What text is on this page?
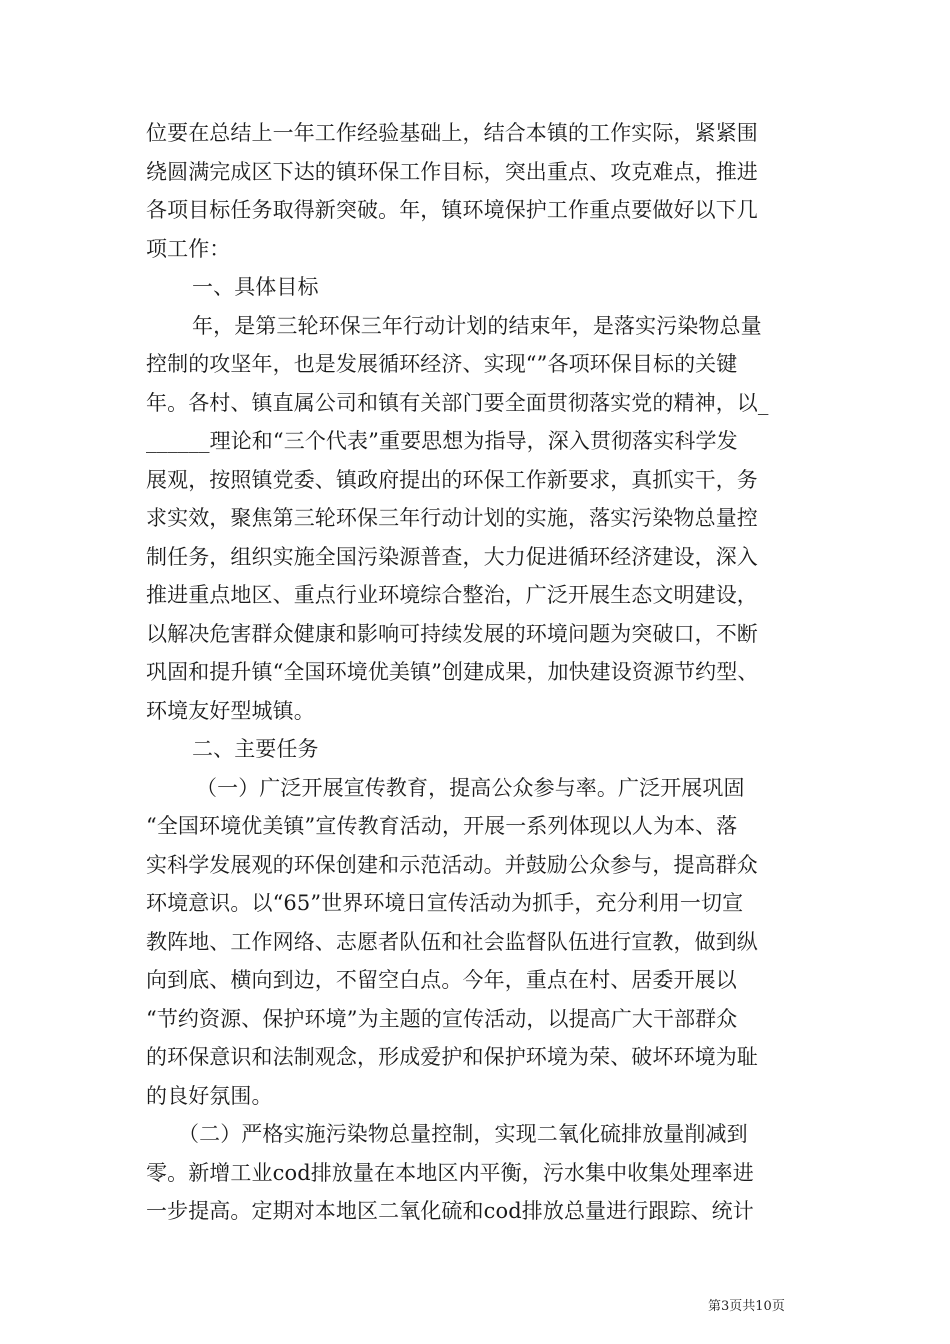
位要在总结上一年工作经验基础上，结合本镇的工作实际，紧紧围
绕圆满完成区下达的镇环保工作目标，突出重点、攻克难点，推进
各项目标任务取得新突破。年，镇环境保护工作重点要做好以下几
项工作：
一、具体目标
年，是第三轮环保三年行动计划的结束年，是落实污染物总量
控制的攻坚年，也是发展循环经济、实现“”各项环保目标的关键
年。各村、镇直属公司和镇有关部门要全面贯彻落实党的精神，以_
______理论和“三个代表”重要思想为指导，深入贯彻落实科学发
展观，按照镇党委、镇政府提出的环保工作新要求，真抓实干，务
求实效，聚焦第三轮环保三年行动计划的实施，落实污染物总量控
制任务，组织实施全国污染源普查，大力促进循环经济建设，深入
推进重点地区、重点行业环境综合整治，广泛开展生态文明建设，
以解决危害群众健康和影响可持续发展的环境问题为突破口，不断
巩固和提升镇“全国环境优美镇”创建成果，加快建设资源节约型、
环境友好型城镇。
二、主要任务
（一）广泛开展宣传教育，提高公众参与率。广泛开展巩固
“全国环境优美镇”宣传教育活动，开展一系列体现以人为本、落
实科学发展观的环保创建和示范活动。并鼓励公众参与，提高群众
环境意识。以“65”世界环境日宣传活动为抓手，充分利用一切宣
教阵地、工作网络、志愿者队伍和社会监督队伍进行宣教，做到纵
向到底、横向到边，不留空白点。今年，重点在村、居委开展以
“节约资源、保护环境”为主题的宣传活动，以提高广大干部群众
的环保意识和法制观念，形成爱护和保护环境为荣、破坏环境为耻
的良好氛围。
（二）严格实施污染物总量控制，实现二氧化硫排放量削减到
零。新增工业cod排放量在本地区内平衡，污水集中收集处理率进
一步提高。定期对本地区二氧化硫和cod排放总量进行跟踪、统计
第3页共10页
